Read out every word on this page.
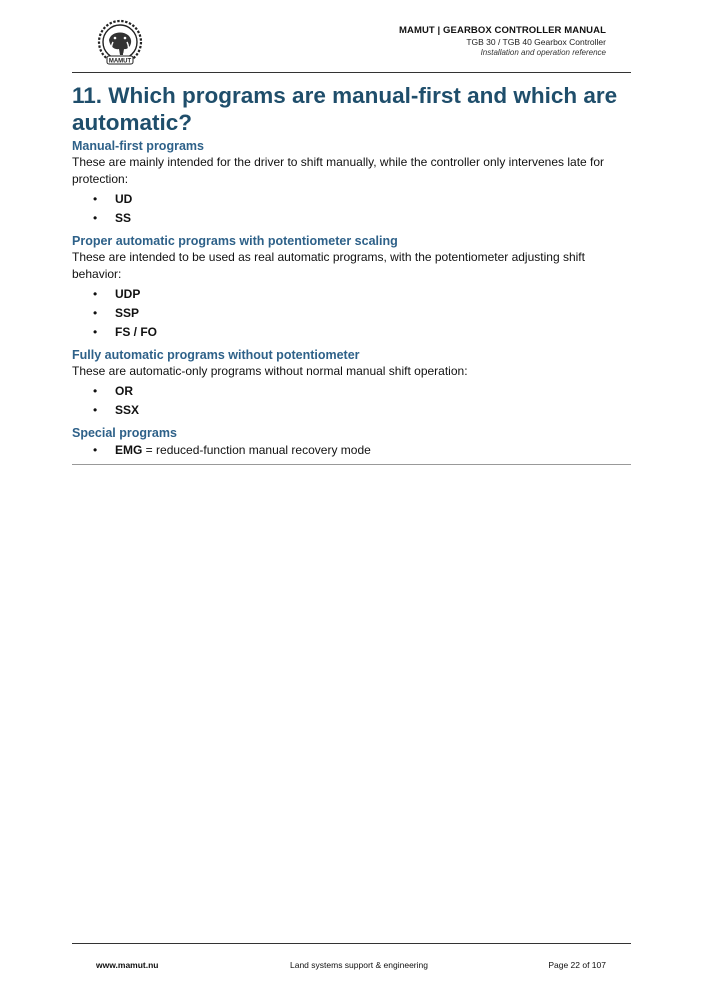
MAMUT
MAMUT | GEARBOX CONTROLLER MANUAL
TGB 30 / TGB 40 Gearbox Controller
Installation and operation reference
11. Which programs are manual-first and which are automatic?
Manual-first programs

These are mainly intended for the driver to shift manually, while the controller only intervenes late for protection:

• UD
• SS
Proper automatic programs with potentiometer scaling

These are intended to be used as real automatic programs, with the potentiometer adjusting shift behavior:

• UDP
• SSP
• FS / FO
Fully automatic programs without potentiometer

These are automatic-only programs without normal manual shift operation:

• OR
• SSX
Special programs
• EMG = reduced-function manual recovery mode
www.mamut.nu	Land systems support & engineering	Page 22 of 107
